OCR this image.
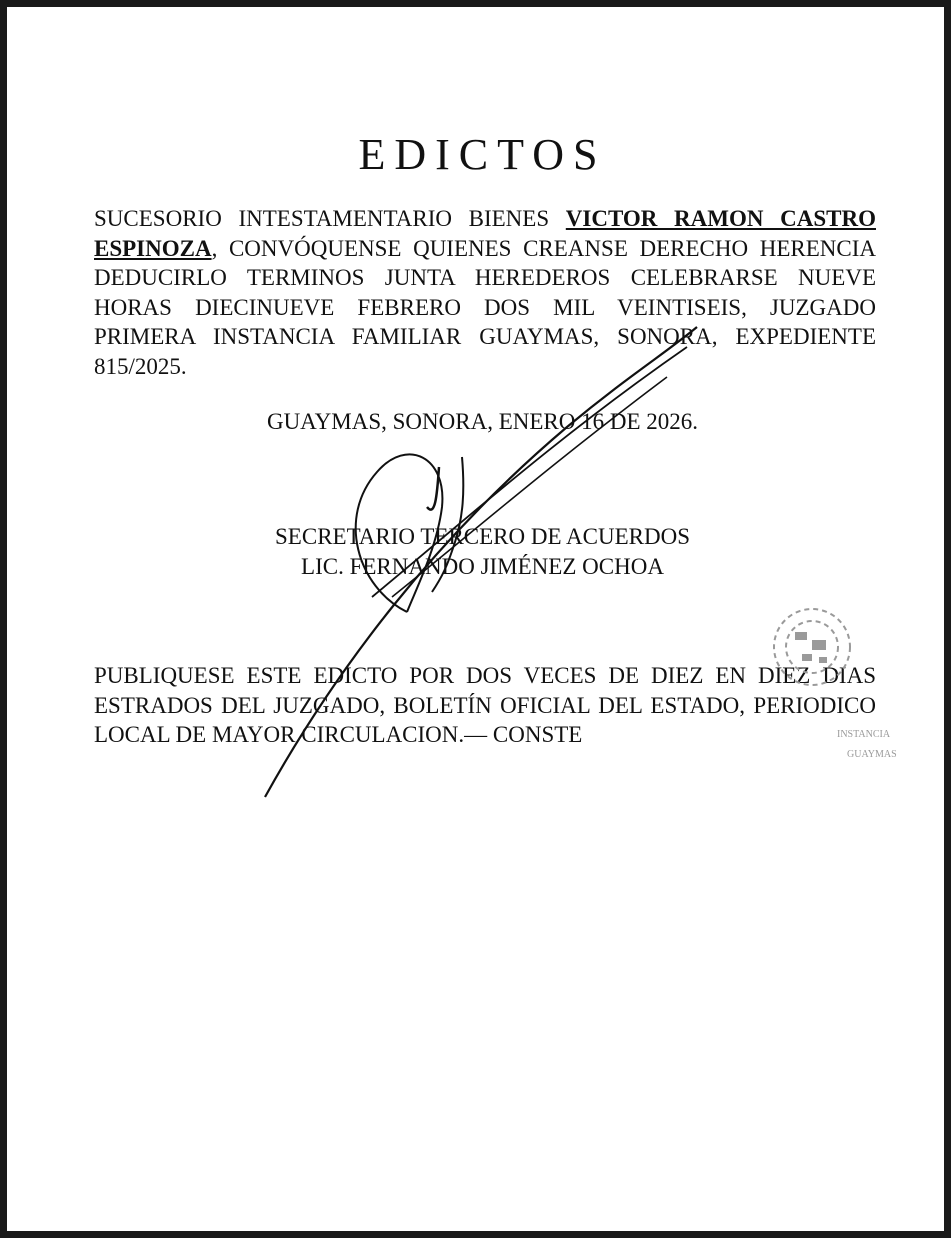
EDICTOS

SUCESORIO INTESTAMENTARIO BIENES VICTOR RAMON CASTRO ESPINOZA, CONVÓQUENSE QUIENES CREANSE DERECHO HERENCIA DEDUCIRLO TERMINOS JUNTA HEREDEROS CELEBRARSE NUEVE HORAS DIECINUEVE FEBRERO DOS MIL VEINTISEIS, JUZGADO PRIMERA INSTANCIA FAMILIAR GUAYMAS, SONORA, EXPEDIENTE 815/2025.

GUAYMAS, SONORA, ENERO 16 DE 2026.

SECRETARIO TERCERO DE ACUERDOS
LIC. FERNANDO JIMÉNEZ OCHOA

PUBLIQUESE ESTE EDICTO POR DOS VECES DE DIEZ EN DIEZ DIAS ESTRADOS DEL JUZGADO, BOLETÍN OFICIAL DEL ESTADO, PERIODICO LOCAL DE MAYOR CIRCULACION.— CONSTE	INSTANCIA
GUAYMAS
